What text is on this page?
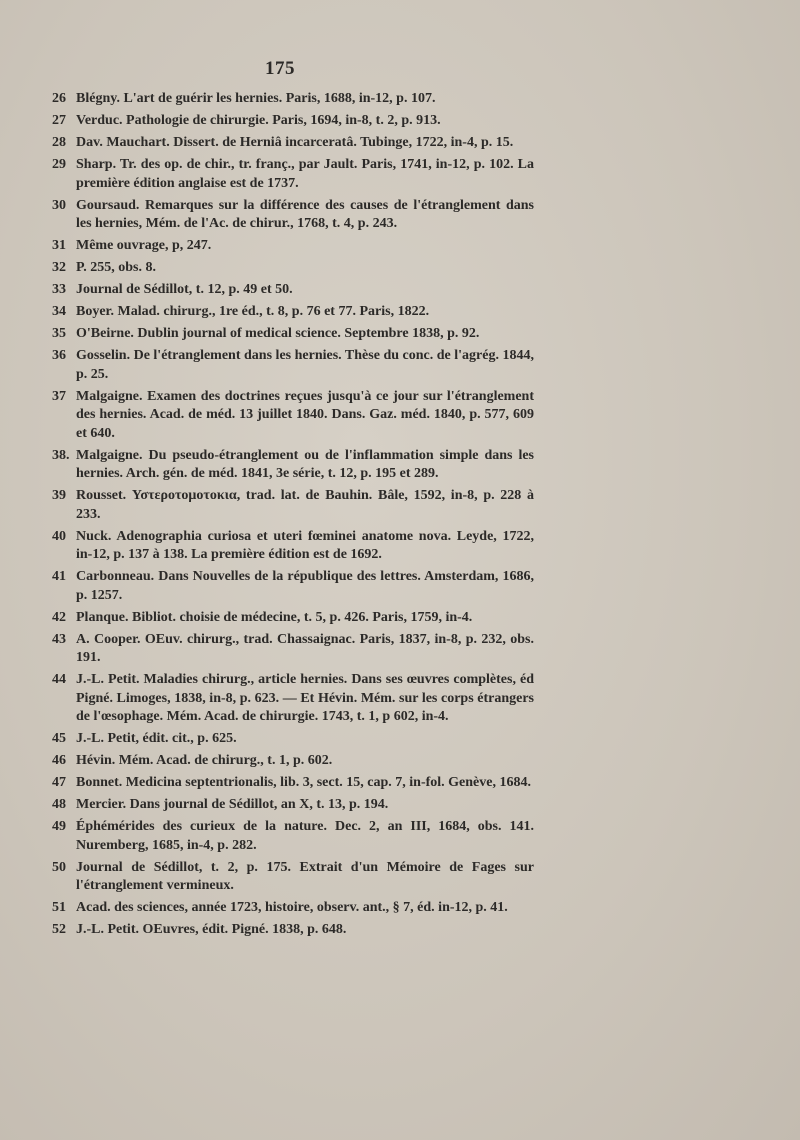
175
26 Blégny. L'art de guérir les hernies. Paris, 1688, in-12, p. 107.
27 Verduc. Pathologie de chirurgie. Paris, 1694, in-8, t. 2, p. 913.
28 Dav. Mauchart. Dissert. de Herniâ incarceratâ. Tubinge, 1722, in-4, p. 15.
29 Sharp. Tr. des op. de chir., tr. franç., par Jault. Paris, 1741, in-12, p. 102. La première édition anglaise est de 1737.
30 Goursaud. Remarques sur la différence des causes de l'étranglement dans les hernies, Mém. de l'Ac. de chirur., 1768, t. 4, p. 243.
31 Même ouvrage, p, 247.
32 P. 255, obs. 8.
33 Journal de Sédillot, t. 12, p. 49 et 50.
34 Boyer. Malad. chirurg., 1re éd., t. 8, p. 76 et 77. Paris, 1822.
35 O'Beirne. Dublin journal of medical science. Septembre 1838, p. 92.
36 Gosselin. De l'étranglement dans les hernies. Thèse du conc. de l'agrég. 1844, p. 25.
37 Malgaigne. Examen des doctrines reçues jusqu'à ce jour sur l'étranglement des hernies. Acad. de méd. 13 juillet 1840. Dans. Gaz. méd. 1840, p. 577, 609 et 640.
38. Malgaigne. Du pseudo-étranglement ou de l'inflammation simple dans les hernies. Arch. gén. de méd. 1841, 3e série, t. 12, p. 195 et 289.
39 Rousset. Υστεροτομοτοκια, trad. lat. de Bauhin. Bâle, 1592, in-8, p. 228 à 233.
40 Nuck. Adenographia curiosa et uteri fœminei anatome nova. Leyde, 1722, in-12, p. 137 à 138. La première édition est de 1692.
41 Carbonneau. Dans Nouvelles de la république des lettres. Amsterdam, 1686, p. 1257.
42 Planque. Bibliot. choisie de médecine, t. 5, p. 426. Paris, 1759, in-4.
43 A. Cooper. OEuv. chirurg., trad. Chassaignac. Paris, 1837, in-8, p. 232, obs. 191.
44 J.-L. Petit. Maladies chirurg., article hernies. Dans ses œuvres complètes, éd Pigné. Limoges, 1838, in-8, p. 623. — Et Hévin. Mém. sur les corps étrangers de l'œsophage. Mém. Acad. de chirurgie. 1743, t. 1, p 602, in-4.
45 J.-L. Petit, édit. cit., p. 625.
46 Hévin. Mém. Acad. de chirurg., t. 1, p. 602.
47 Bonnet. Medicina septentrionalis, lib. 3, sect. 15, cap. 7, in-fol. Genève, 1684.
48 Mercier. Dans journal de Sédillot, an X, t. 13, p. 194.
49 Éphémérides des curieux de la nature. Dec. 2, an III, 1684, obs. 141. Nuremberg, 1685, in-4, p. 282.
50 Journal de Sédillot, t. 2, p. 175. Extrait d'un Mémoire de Fages sur l'étranglement vermineux.
51 Acad. des sciences, année 1723, histoire, observ. ant., § 7, éd. in-12, p. 41.
52 J.-L. Petit. OEuvres, édit. Pigné. 1838, p. 648.
